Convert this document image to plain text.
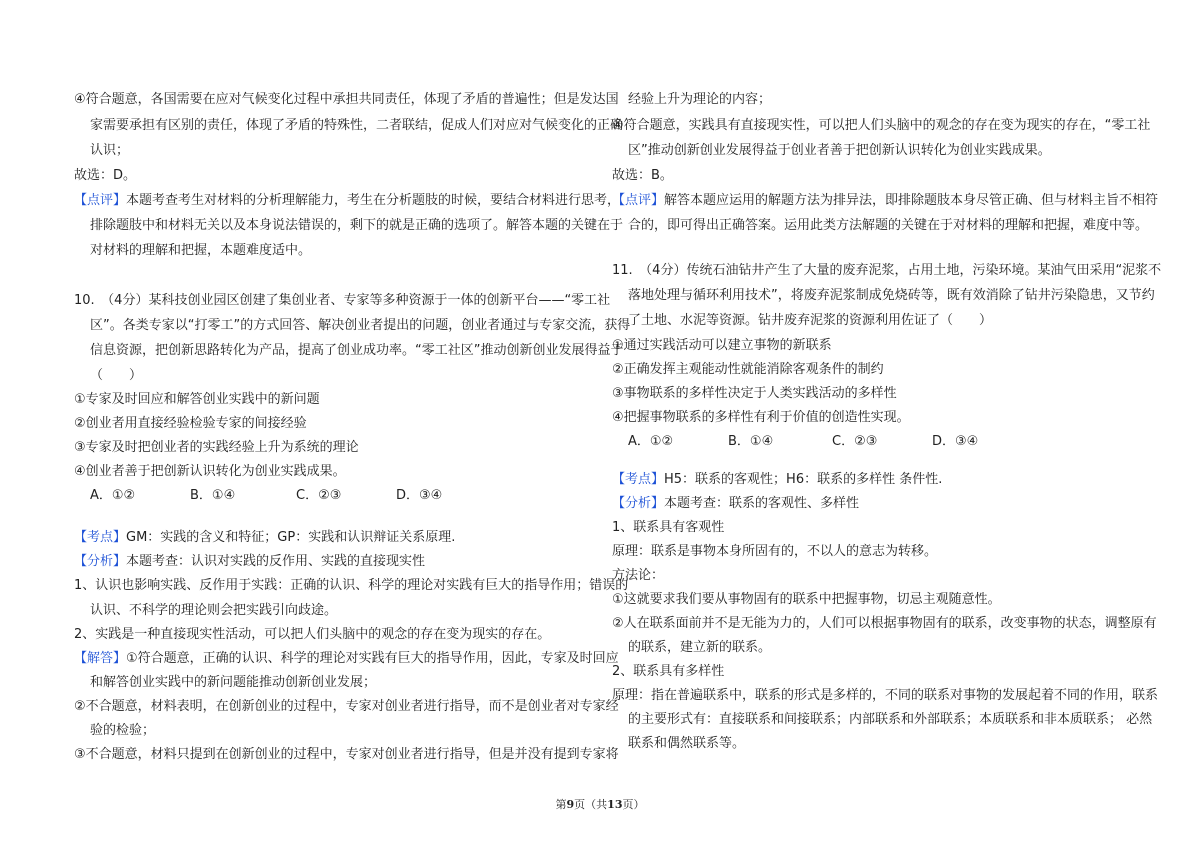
④符合题意，各国需要在应对气候变化过程中承担共同责任，体现了矛盾的普遍性；但是发达国
家需要承担有区别的责任，体现了矛盾的特殊性，二者联结，促成人们对应对气候变化的正确
认识；
故选：D。
【点评】本题考查考生对材料的分析理解能力，考生在分析题肢的时候，要结合材料进行思考，
排除题肢中和材料无关以及本身说法错误的，剩下的就是正确的选项了。解答本题的关键在于
对材料的理解和把握，本题难度适中。
10.　（4分）某科技创业园区创建了集创业者、专家等多种资源于一体的创新平台——“零工社
区”。各类专家以“打零工”的方式回答、解决创业者提出的问题，创业者通过与专家交流，获得
信息资源，把创新思路转化为产品，提高了创业成功率。“零工社区”推动创新创业发展得益于
（　　）
①专家及时回应和解答创业实践中的新问题
②创业者用直接经验检验专家的间接经验
③专家及时把创业者的实践经验上升为系统的理论
④创业者善于把创新认识转化为创业实践成果。
A．①②	B．①④	C．②③	D．③④
【考点】GM：实践的含义和特征；GP：实践和认识辩证关系原理.
【分析】本题考查：认识对实践的反作用、实践的直接现实性
1、认识也影响实践、反作用于实践：正确的认识、科学的理论对实践有巨大的指导作用；错误的
认识、不科学的理论则会把实践引向歧途。
2、实践是一种直接现实性活动，可以把人们头脑中的观念的存在变为现实的存在。
【解答】①符合题意，正确的认识、科学的理论对实践有巨大的指导作用，因此，专家及时回应
和解答创业实践中的新问题能推动创新创业发展；
②不合题意，材料表明，在创新创业的过程中，专家对创业者进行指导，而不是创业者对专家经
验的检验；
③不合题意，材料只提到在创新创业的过程中，专家对创业者进行指导，但是并没有提到专家将
经验上升为理论的内容；
④符合题意，实践具有直接现实性，可以把人们头脑中的观念的存在变为现实的存在，“零工社
区”推动创新创业发展得益于创业者善于把创新认识转化为创业实践成果。
故选：B。
【点评】解答本题应运用的解题方法为排异法，即排除题肢本身尽管正确、但与材料主旨不相符
合的，即可得出正确答案。运用此类方法解题的关键在于对材料的理解和把握，难度中等。
11.　（4分）传统石油钻井产生了大量的废弃泥浆，占用土地，污染环境。某油气田采用“泥浆不
落地处理与循环利用技术”，将废弃泥浆制成免烧砖等，既有效消除了钻井污染隐患，又节约
了土地、水泥等资源。钻井废弃泥浆的资源利用佐证了（　　）
①通过实践活动可以建立事物的新联系
②正确发挥主观能动性就能消除客观条件的制约
③事物联系的多样性决定于人类实践活动的多样性
④把握事物联系的多样性有利于价值的创造性实现。
A．①②	B．①④	C．②③	D．③④
【考点】H5：联系的客观性；H6：联系的多样性 条件性.
【分析】本题考查：联系的客观性、多样性
1、联系具有客观性
原理：联系是事物本身所固有的，不以人的意志为转移。
方法论：
①这就要求我们要从事物固有的联系中把握事物，切忌主观随意性。
②人在联系面前并不是无能为力的，人们可以根据事物固有的联系，改变事物的状态，调整原有
的联系，建立新的联系。
2、联系具有多样性
原理：指在普遍联系中，联系的形式是多样的，不同的联系对事物的发展起着不同的作用，联系
的主要形式有：直接联系和间接联系；内部联系和外部联系；本质联系和非本质联系； 必然
联系和偶然联系等。
第9页（共13页）
